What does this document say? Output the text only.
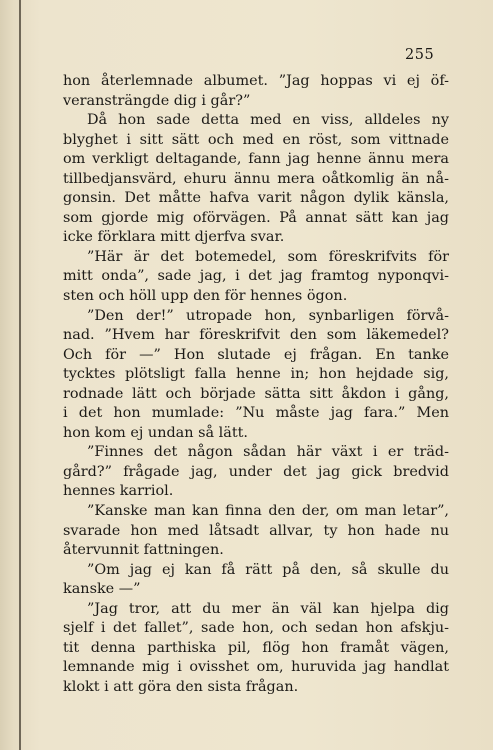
255
hon återlemnade albumet. ”Jag hoppas vi ej öf-
veransträngde dig i går?”
Då hon sade detta med en viss, alldeles ny
blyghet i sitt sätt och med en röst, som vittnade
om verkligt deltagande, fann jag henne ännu mera
tillbedjansvärd, ehuru ännu mera oåtkomlig än nå-
gonsin. Det måtte hafva varit någon dylik känsla,
som gjorde mig oförvägen. På annat sätt kan jag
icke förklara mitt djerfva svar.
”Här är det botemedel, som föreskrifvits för
mitt onda”, sade jag, i det jag framtog nyponqvi-
sten och höll upp den för hennes ögon.
”Den der!” utropade hon, synbarligen förvå-
nad. ”Hvem har föreskrifvit den som läkemedel?
Och för —” Hon slutade ej frågan. En tanke
tycktes plötsligt falla henne in; hon hejdade sig,
rodnade lätt och började sätta sitt åkdon i gång,
i det hon mumlade: ”Nu måste jag fara.” Men
hon kom ej undan så lätt.
”Finnes det någon sådan här växt i er träd-
gård?” frågade jag, under det jag gick bredvid
hennes karriol.
”Kanske man kan finna den der, om man letar”,
svarade hon med låtsadt allvar, ty hon hade nu
återvunnit fattningen.
”Om jag ej kan få rätt på den, så skulle du
kanske —”
”Jag tror, att du mer än väl kan hjelpa dig
sjelf i det fallet”, sade hon, och sedan hon afskju-
tit denna parthiska pil, flög hon framåt vägen,
lemnande mig i ovisshet om, huruvida jag handlat
klokt i att göra den sista frågan.
